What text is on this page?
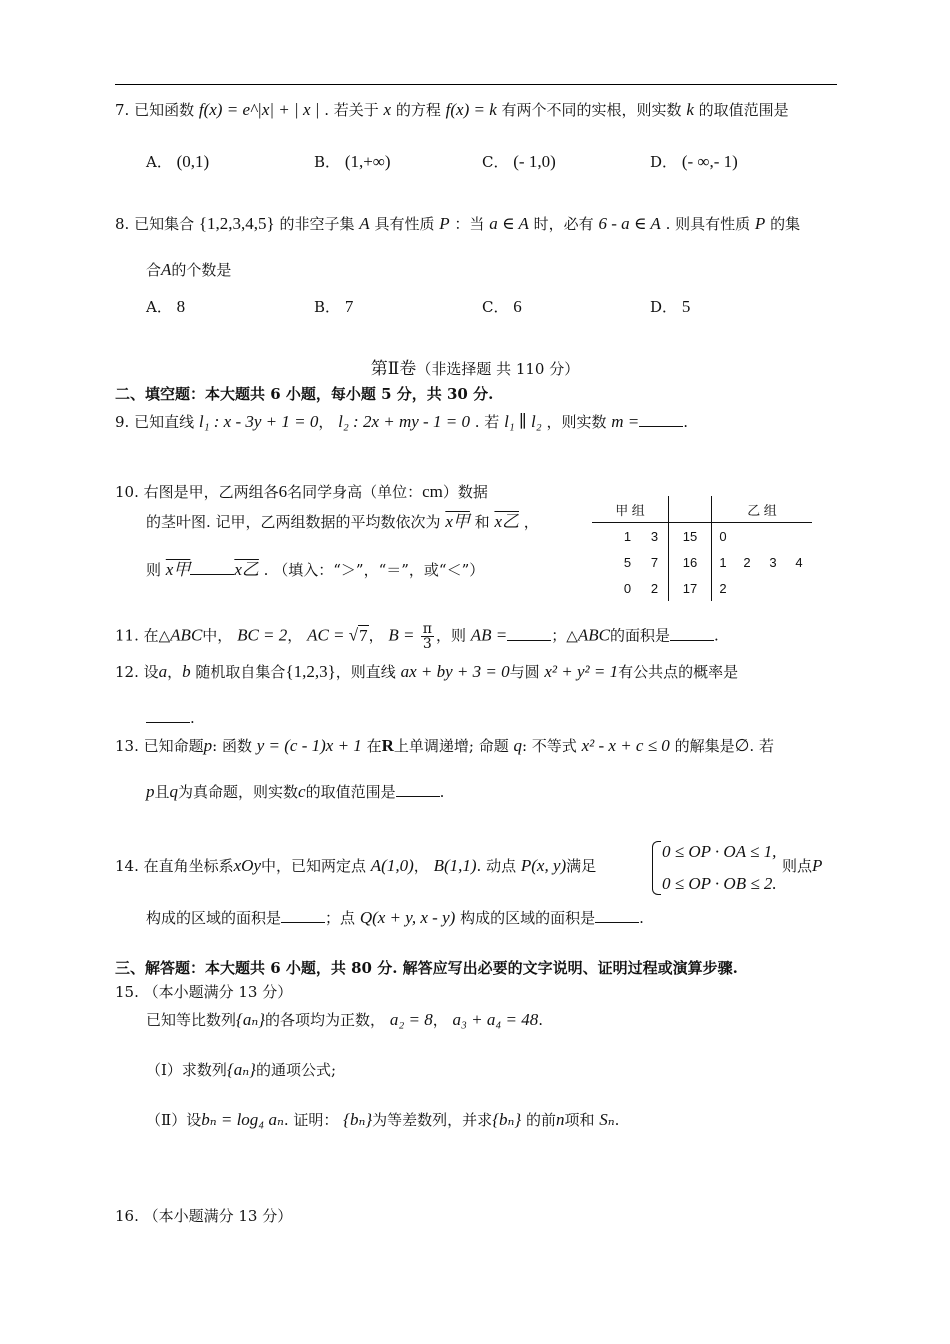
7. 已知函数 f(x) = e^|x| + | x | . 若关于 x 的方程 f(x) = k 有两个不同的实根，则实数 k 的取值范围是
A． (0,1)	B． (1,+∞)	C． (- 1,0)	D． (- ∞,- 1)
8. 已知集合 {1,2,3,4,5} 的非空子集 A 具有性质 P ：当 a ∈ A 时，必有 6 - a ∈ A . 则具有性质 P 的集
合A的个数是
A． 8	B． 7	C． 6	D． 5
第Ⅱ卷（非选择题 共 110 分）
二、填空题：本大题共 6 小题，每小题 5 分，共 30 分.
9. 已知直线 l₁ : x - 3y + 1 = 0， l₂ : 2x + my - 1 = 0 . 若 l₁ ∥ l₂ ，则实数 m =	.
10. 右图是甲，乙两组各6名同学身高（单位：cm）数据
的茎叶图. 记甲，乙两组数据的平均数依次为 x甲 和 x乙 ，
则 x甲	x乙 . （填入：“＞”，“＝”，或“＜”）
甲 组				乙 组			
	1	3	15	0			
	5	7	16	1	2	3	4
	0	2	17	2			
11. 在△ABC中， BC = 2， AC = √7， $B = \frac{\pi}{3}$ ，则 AB =	；△ABC的面积是	.
12. 设a，b 随机取自集合{1,2,3}，则直线 ax + by + 3 = 0与圆 x² + y² = 1有公共点的概率是
.
13. 已知命题p: 函数 y = (c - 1)x + 1 在R上单调递增; 命题 q: 不等式 x² - x + c ≤ 0 的解集是∅. 若
p且q为真命题，则实数c的取值范围是	.
14. 在直角坐标系xOy中，已知两定点 A(1,0)， B(1,1). 动点 P(x, y)满足
0 ≤ OP · OA ≤ 1,
0 ≤ OP · OB ≤ 2.
则点P
构成的区域的面积是	；点 Q(x + y, x - y) 构成的区域的面积是	.
三、解答题：本大题共 6 小题，共 80 分. 解答应写出必要的文字说明、证明过程或演算步骤.
15. （本小题满分 13 分）
已知等比数列{aₙ}的各项均为正数， a₂ = 8， a₃ + a₄ = 48.
（Ⅰ）求数列{aₙ}的通项公式;
（Ⅱ）设bₙ = log₄ aₙ. 证明： {bₙ}为等差数列，并求{bₙ} 的前n项和 Sₙ.
16. （本小题满分 13 分）
